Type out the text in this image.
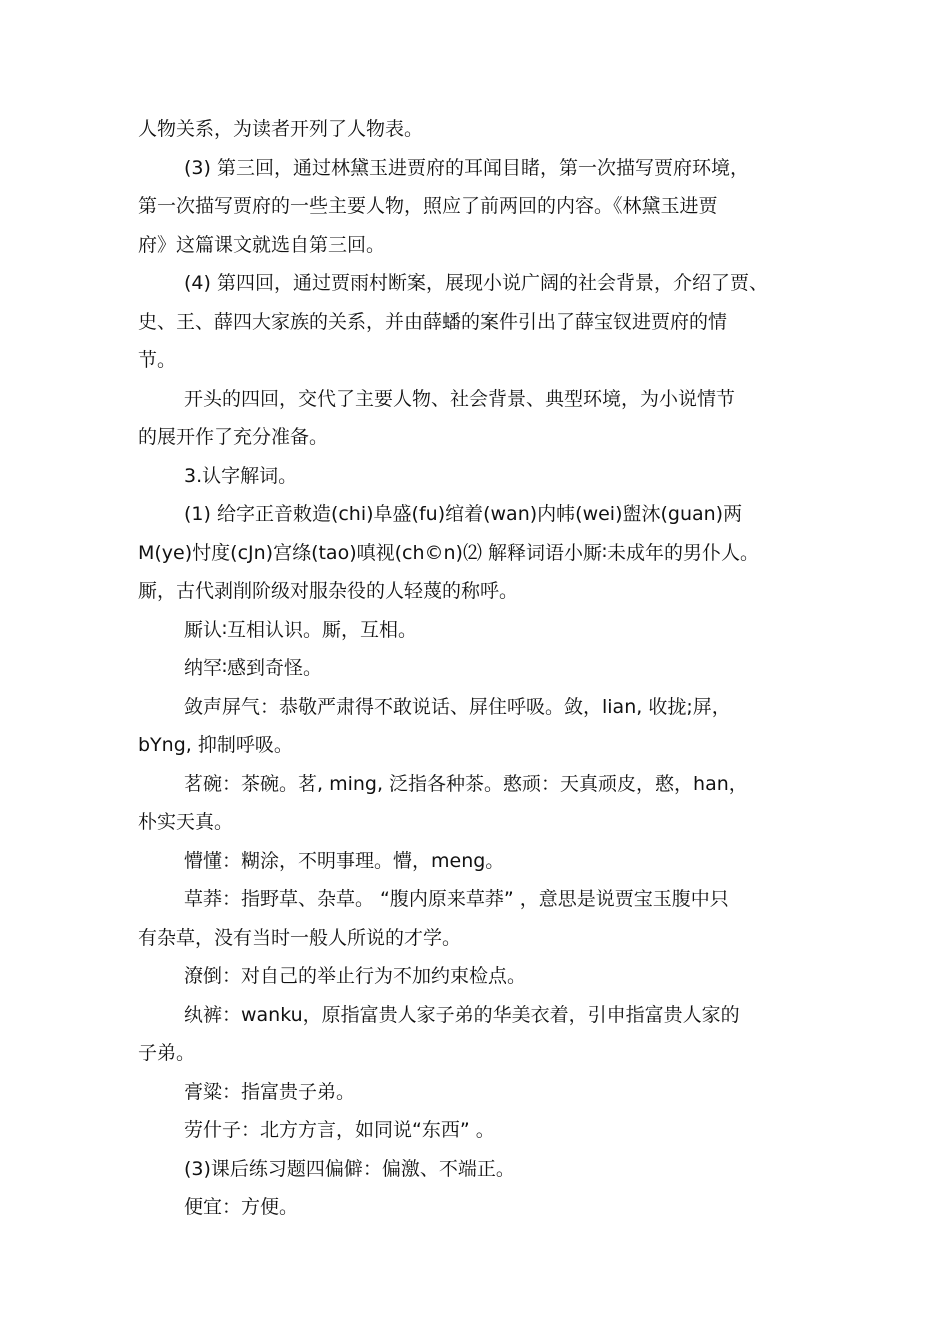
人物关系，为读者开列了人物表。

(3) 第三回，通过林黛玉进贾府的耳闻目睹，第一次描写贾府环境，
第一次描写贾府的一些主要人物，照应了前两回的内容。《林黛玉进贾
府》这篇课文就选自第三回。

(4) 第四回，通过贾雨村断案，展现小说广阔的社会背景，介绍了贾、
史、王、薛四大家族的关系，并由薛蟠的案件引出了薛宝钗进贾府的情
节。

开头的四回，交代了主要人物、社会背景、典型环境，为小说情节
的展开作了充分准备。

3.认字解词。

(1) 给字正音敕造(chi)阜盛(fu)绾着(wan)内帏(wei)盥沐(guan)两
M(ye)忖度(cJn)宫绦(tao)嗔视(ch©n)⑵ 解释词语小厮∶未成年的男仆人。
厮，古代剥削阶级对服杂役的人轻蔑的称呼。

厮认∶互相认识。厮，互相。

纳罕∶感到奇怪。

敛声屏气：恭敬严肃得不敢说话、屏住呼吸。敛，lian, 收拢;屏，
bYng, 抑制呼吸。

茗碗：茶碗。茗, ming, 泛指各种茶。憨顽：天真顽皮，憨，han，
朴实天真。

懵懂：糊涂，不明事理。懵，meng。

草莽：指野草、杂草。 “腹内原来草莽” ，意思是说贾宝玉腹中只
有杂草，没有当时一般人所说的才学。

潦倒：对自己的举止行为不加约束检点。

纨裤：wanku，原指富贵人家子弟的华美衣着，引申指富贵人家的
子弟。

膏粱：指富贵子弟。

劳什子：北方方言，如同说“东西” 。

(3)课后练习题四偏僻：偏激、不端正。

便宜：方便。
